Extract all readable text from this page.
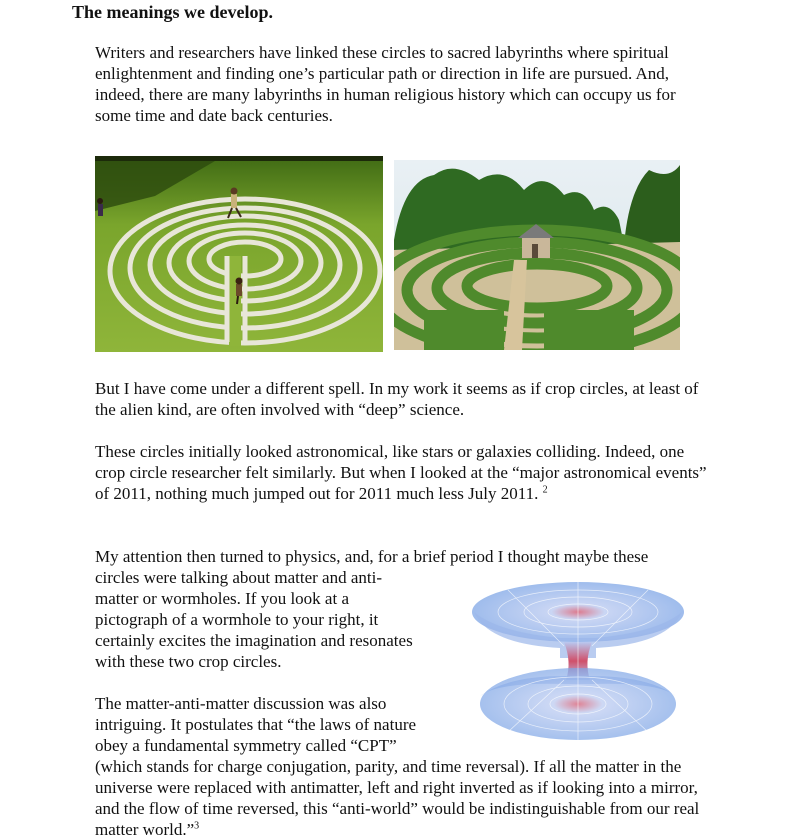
The meanings we develop.

Writers and researchers have linked these circles to sacred labyrinths where spiritual enlightenment and finding one’s particular path or direction in life are pursued. And, indeed, there are many labyrinths in human religious history which can occupy us for some time and date back centuries.

But I have come under a different spell. In my work it seems as if crop circles, at least of the alien kind, are often involved with “deep” science.

These circles initially looked astronomical, like stars or galaxies colliding. Indeed, one crop circle researcher felt similarly. But when I looked at the “major astronomical events” of 2011, nothing much jumped out for 2011 much less July 2011. $^2$

My attention then turned to physics, and, for a brief period I thought maybe these
circles were talking about matter and anti-
matter or wormholes. If you look at a
pictograph of a wormhole to your right, it
certainly excites the imagination and resonates
with these two crop circles.

The matter-anti-matter discussion was also
intriguing. It postulates that “the laws of nature
obey a fundamental symmetry called “CPT”
(which stands for charge conjugation, parity, and time reversal). If all the matter in the universe were replaced with antimatter, left and right inverted as if looking into a mirror, and the flow of time reversed, this “anti-world” would be indistinguishable from our real matter world.”$^3$
